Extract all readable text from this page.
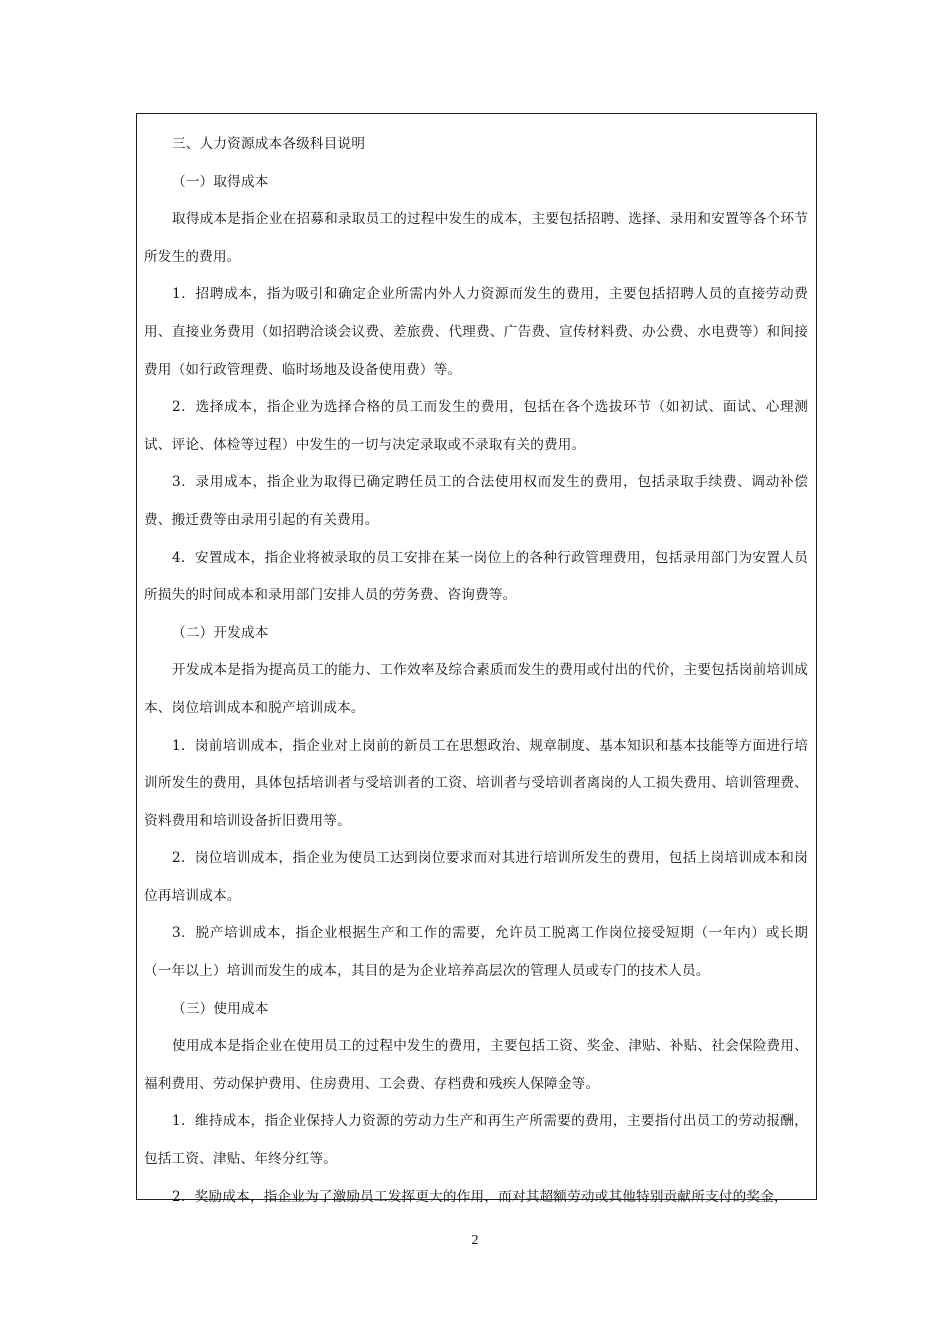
三、人力资源成本各级科目说明

（一）取得成本

取得成本是指企业在招募和录取员工的过程中发生的成本，主要包括招聘、选择、录用和安置等各个环节所发生的费用。

1．招聘成本，指为吸引和确定企业所需内外人力资源而发生的费用，主要包括招聘人员的直接劳动费用、直接业务费用（如招聘洽谈会议费、差旅费、代理费、广告费、宣传材料费、办公费、水电费等）和间接费用（如行政管理费、临时场地及设备使用费）等。

2．选择成本，指企业为选择合格的员工而发生的费用，包括在各个选拔环节（如初试、面试、心理测试、评论、体检等过程）中发生的一切与决定录取或不录取有关的费用。

3．录用成本，指企业为取得已确定聘任员工的合法使用权而发生的费用，包括录取手续费、调动补偿费、搬迁费等由录用引起的有关费用。

4．安置成本，指企业将被录取的员工安排在某一岗位上的各种行政管理费用，包括录用部门为安置人员所损失的时间成本和录用部门安排人员的劳务费、咨询费等。

（二）开发成本

开发成本是指为提高员工的能力、工作效率及综合素质而发生的费用或付出的代价，主要包括岗前培训成本、岗位培训成本和脱产培训成本。

1．岗前培训成本，指企业对上岗前的新员工在思想政治、规章制度、基本知识和基本技能等方面进行培训所发生的费用，具体包括培训者与受培训者的工资、培训者与受培训者离岗的人工损失费用、培训管理费、资料费用和培训设备折旧费用等。

2．岗位培训成本，指企业为使员工达到岗位要求而对其进行培训所发生的费用，包括上岗培训成本和岗位再培训成本。

3．脱产培训成本，指企业根据生产和工作的需要，允许员工脱离工作岗位接受短期（一年内）或长期（一年以上）培训而发生的成本，其目的是为企业培养高层次的管理人员或专门的技术人员。

（三）使用成本

使用成本是指企业在使用员工的过程中发生的费用，主要包括工资、奖金、津贴、补贴、社会保险费用、福利费用、劳动保护费用、住房费用、工会费、存档费和残疾人保障金等。

1．维持成本，指企业保持人力资源的劳动力生产和再生产所需要的费用，主要指付出员工的劳动报酬，包括工资、津贴、年终分红等。

2．奖励成本，指企业为了激励员工发挥更大的作用，而对其超额劳动或其他特别贡献所支付的奖金，

2
